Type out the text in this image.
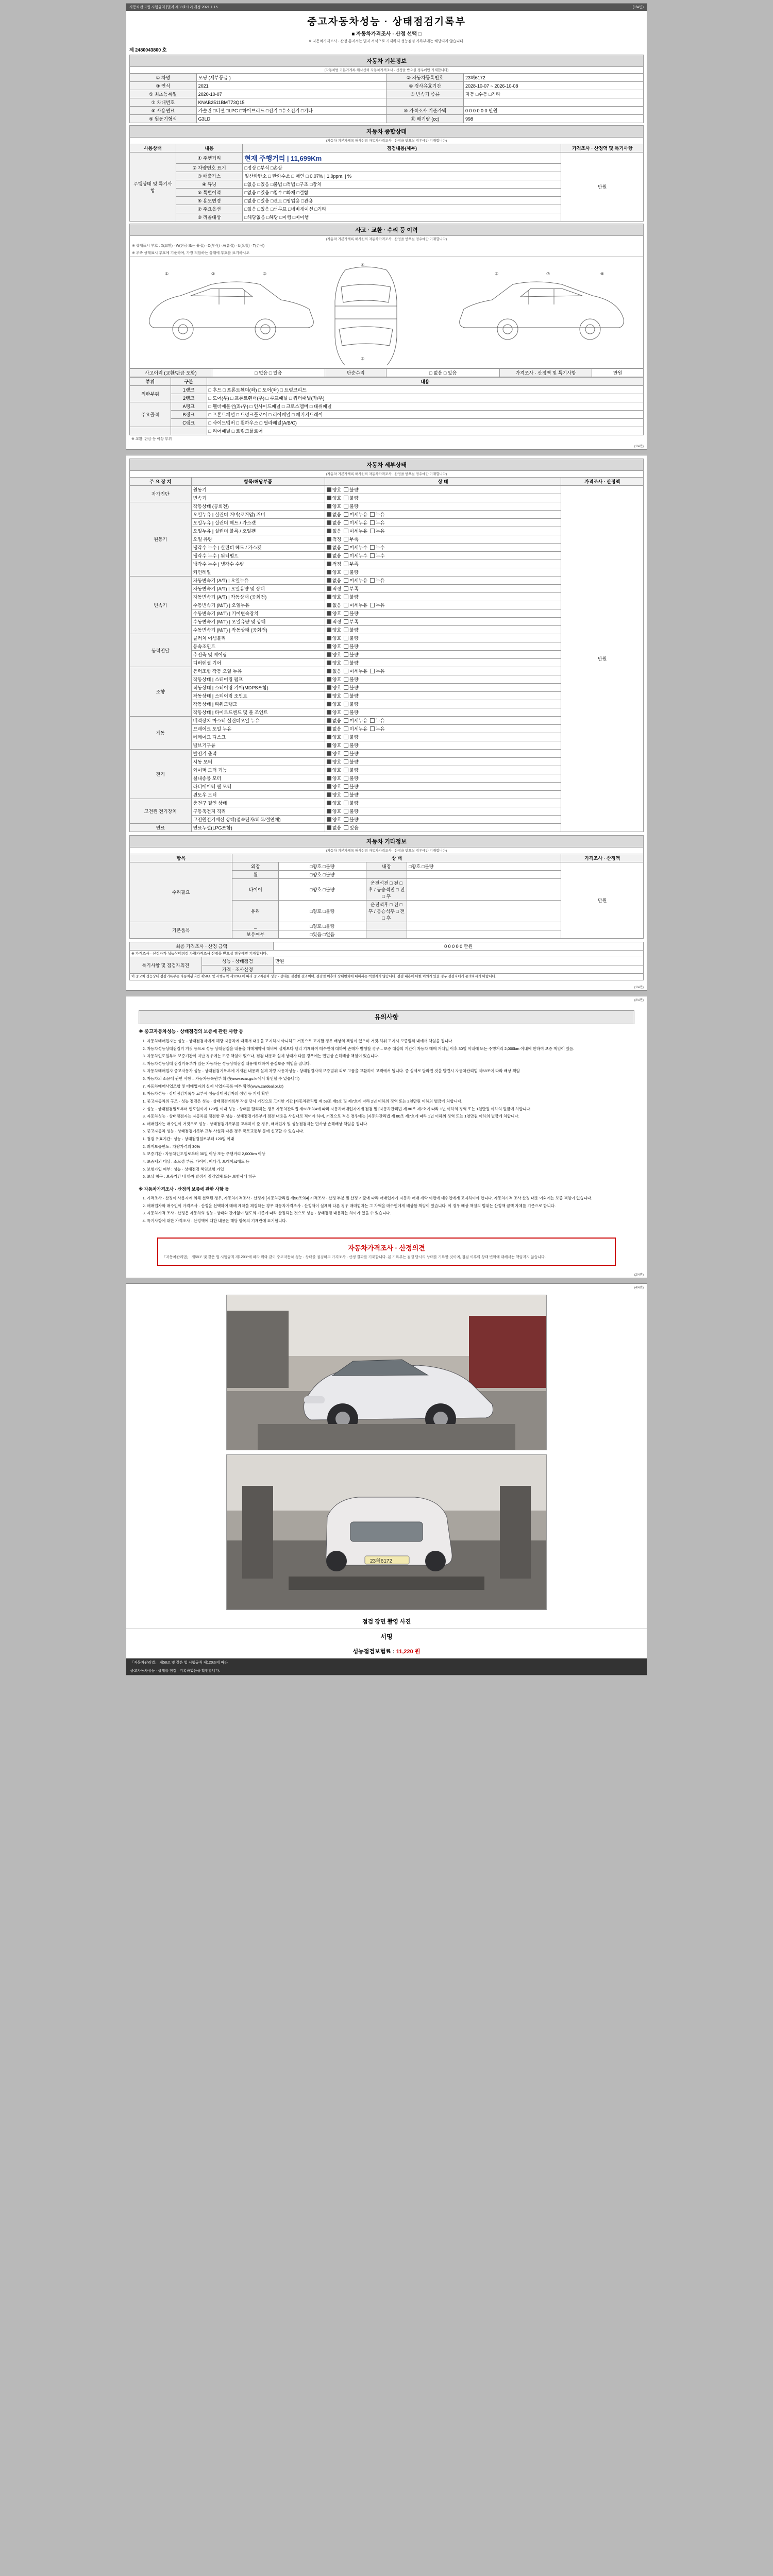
자동차관리법 시행규칙 [별지 제39호의2] 개정 2021.1.15.	(1/4면)
중고자동차성능 · 상태점검기록부
■ 자동차가격조사 · 산정 선택 □
※ 자동차가격조사 · 산정 통지서는 별지 서식으로 기재하되 성능점검 기록부에는 해당되지 않습니다.
제 2480043800 호
자동차 기본정보
(자동차법 기본가게록 해사신뢰 자동차가격조사 · 산정을 받으실 경우에만 기재합니다)
① 차명	모닝 (세부등급 )	② 자동차등록번호	23허6172
③ 연식	2021	④ 검사유효기간	2028-10-07 ~ 2026-10-08
⑤ 최초등록일	2020-10-07	⑥ 변속기 종류	자동 □수동 □기타
⑦ 차대번호	KNAB2511BMT73Q15		
⑧ 사용연료	가솔린 □디젤 □LPG □하이브리드 □전기 □수소전기 □기타	⑩ 가격조사 기준가액	0 0 0 0 0 0 만원
⑨ 원동기형식	G3LD	⑪ 배기량 (cc)	998
자동차 종합상태
(자동차 기본가게록 해사신뢰 자동차가격조사 · 산정을 받으실 경우에만 기재합니다)
사용상태	내용	점검내용(세부)	가격조사 · 산정액 및 특기사항
주행상태 및 특기사항	① 주행거리	현재 주행거리 | 11,699Km	만원
	② 차량번호 표기	□정상 □부식 □손상	
	③ 배출가스	일산화탄소 □ 탄화수소 □ 매연 □ 0.07% | 1.0ppm. | %	
	④ 튜닝	□없음 □있음 □불법 □적법 □구조 □장치	
	⑤ 특별이력	□없음 □있음 □침수 □화재 □결함	
	⑥ 용도변경	□없음 □있음 □렌트 □영업용 □관용	
	⑦ 주요옵션	□없음 □있음 □선루프 □네비게이션 □기타	
	⑧ 리콜대상	□해당없음 □해당 □이행 □미이행	
사고 · 교환 · 수리 등 이력
(자동차 기본가게록 해사신뢰 자동차가격조사 · 산정을 받으실 경우에만 기재합니다)
※ 상태표시 부호 : X(교환) · W(판금 또는 용접) · C(부식) · A(흠집) · U(요철) · T(손상)
※ 우측 상태표시 부호에 기준하여, 가장 적합하는 상태에 부호를 표기하시오
①	②	③
④
⑤
⑥	⑦	⑧
사고이력 (교환/판금 포함)	□ 없음 □ 있음	단순수리	□ 없음 □ 있음	가격조사 · 산정액 및 특기사항	만원
부위	구분	내용
외판부위	1랭크	□ 후드 □ 프론트휀더(좌) □ 도어(좌) □ 트렁크리드
	2랭크	□ 도어(우) □ 프론트휀더(우) □ 루프패널 □ 쿼터패널(좌/우)
주요골격	A랭크	□ 휀더에볼션(좌/우) □ 인사이드패널 □ 크로스멤버 □ 대쉬패널
	B랭크	□ 프론트패널 □ 트렁크플로어 □ 리어패널 □ 패키지트레이
	C랭크	□ 사이드멤버 □ 휠하우스 □ 필라패널(A/B/C)
		□ 리어패널 □ 트렁크플로어
※ 교환, 판금 등 이상 부위
(1/4면)
자동차 세부상태
(자동차 기본가게록 해사신뢰 자동차가격조사 · 산정을 받으실 경우에만 기재합니다)
주 요 장 치	항목/해당부품	상 태	가격조사 · 산정액
자가진단	원동기	양호 불량	만원
	변속기	양호 불량	
원동기	작동상태 (공회전)	양호 불량	
	오일누유 | 실린더 커버(로커암) 커버	없음 미세누유 누유	
	오일누유 | 실린더 헤드 / 가스켓	없음 미세누유 누유	
	오일누유 | 실린더 블록 / 오일팬	없음 미세누유 누유	
	오일 유량	적정 부족	
	냉각수 누수 | 실린더 헤드 / 가스켓	없음 미세누수 누수	
	냉각수 누수 | 워터펌프	없음 미세누수 누수	
	냉각수 누수 | 냉각수 수량	적정 부족	
	커먼레일	양호 불량	
변속기	자동변속기 (A/T) | 오일누유	없음 미세누유 누유	
	자동변속기 (A/T) | 오일유량 및 상태	적정 부족	
	자동변속기 (A/T) | 작동상태 (공회전)	양호 불량	
	수동변속기 (M/T) | 오일누유	없음 미세누유 누유	
	수동변속기 (M/T) | 기어변속장치	양호 불량	
	수동변속기 (M/T) | 오일유량 및 상태	적정 부족	
	수동변속기 (M/T) | 작동상태 (공회전)	양호 불량	
동력전달	클러치 어셈블리	양호 불량	
	등속조인트	양호 불량	
	추진축 및 베어링	양호 불량	
	디퍼렌셜 기어	양호 불량	
조향	동력조향 작동 오일 누유	없음 미세누유 누유	
	작동상태 | 스티어링 펌프	양호 불량	
	작동상태 | 스티어링 기어(MDPS포함)	양호 불량	
	작동상태 | 스티어링 조인트	양호 불량	
	작동상태 | 파워크랭크	양호 불량	
	작동상태 | 타이로드엔드 및 볼 조인트	양호 불량	
제동	배력장치 마스터 실린더오일 누유	없음 미세누유 누유	
	브레이크 오일 누유	없음 미세누유 누유	
	베레이크 디스크	양호 불량	
	밸브기구류	양호 불량	
전기	발전기 출력	양호 불량	
	시동 모터	양호 불량	
	와이퍼 모터 기능	양호 불량	
	실내송풍 모터	양호 불량	
	라디에이터 팬 모터	양호 불량	
	윈도우 모터	양호 불량	
고전원 전기장치	충전구 절연 상태	양호 불량	
	구동축전지 격리	양호 불량	
	고전원전기배선 상태(접속단자/피복/절연체)	양호 불량	
연료	연료누설(LPG포함)	없음 있음	
자동차 기타정보
(자동차 기본가게록 해사신뢰 자동차가격조사 · 산정을 받으실 경우에만 기재합니다)
항목	상 태				가격조사 · 산정액
수리필요	외장	□양호 □불량	내장	□양호 □불량	만원
	휠	□양호 □불량			
	타이어	□양호 □불량	운전석전 □ 전 □ 후 / 동승석전 □ 전 □ 후		
	유리	□양호 □불량	운전석후 □ 전 □ 후 / 동승석후 □ 전 □ 후		
기본품목	_	□양호 □불량			
	보유여부	□있음 □없음			
최종 가격조사 · 산정 금액		0 0 0 0 0 만원
※ 가격조사 · 산정자가 성능상태점검 차량가격조사 산정을 받으실 경우에만 기재합니다.		
특기사항 및 점검자의견	성능 · 상태점검	만원
	가격 · 조사산정	
이 중고차 성능상태 점검기록부는 자동차관리법 제58조 및 시행규칙 제120조에 따라 중고자동차 성능 · 상태를 점검한 결과이며, 점검일 이후의 상태변화에 대해서는 책임지지 않습니다. 점검 내용에 대한 이의가 있을 경우 점검자에게 문의하시기 바랍니다.		
(1/4면)
(2/4면)
유의사항
※ 중고자동차성능 · 상태점검의 보증에 관한 사항 등
1. 자동차매매업자는 성능 · 상태점검자에게 해당 자동차에 대해서 내용을 고지하지 아니하고 거짓으로 고지할 경우 배상의 책임이 있으며 거짓·허위 고지시 보증범위 내에서 책임을 집니다.
2. 자동차성능상태점검기 거짓 등으로 성능 상태점검을 내용을 매매계약서 대비에 실제보다 달리 기재하여 매수인에 대하여 손해가 발생할 경우 – 보증 대상의 기간이 자동차 매매 거래일 이후 30일 이내에 또는 주행거리 2,000km 이내에 한하여 보증 책임이 있음.
3. 자동차인도일부터 보증기간이 지난 경우에는 보증 책임이 없으나, 점검 내용과 실제 상태가 다를 경우에는 민법상 손해배상 책임이 있습니다.
4. 자동차성능상태 점검기록부가 있는 자동차는 성능상태점검 내용에 대하여 품질보증 책임을 집니다.
5. 자동차매매업자 중고자동차 성능 · 상태점검기록부에 기재된 내용과 실제 차량 자동차성능 · 상태점검자의 보증범위 외로 고품을 교환하여 고객에서 됩니다. 중 실제로 달라진 것을 발견시 자동차관리법 제58조에 따라 배상 책임
6. 자동차의 소유에 관한 사항 – 자동차등록원부 확인(www.ecar.go.kr에서 확인할 수 있습니다)
7. 자동차매매사업조합 및 매매업자의 실제 사업자등록 여부 확인(www.cardeal.or.kr)
8. 자동차성능 · 상태점검기록부 교부시 성능상태점검자의 성명 등 기재 확인
1. 중고자동차의 구조 · 성능 점검은 성능 · 상태점검기록부 작성 당시 거짓으로 고지한 기간 [자동차관리법 제 58조 제5호 및 제7호에 따라 2년 이하의 징역 또는 2천만원 이하의 벌금에 처합니다.
2. 성능 · 상태점검일로부터 인도일까지 120일 이내 성능 · 상태를 달리하는 경우 자동차관리법 제58조의4에 따라 자동차매매업자에게 점검 및 [자동차관리법 제 80조 제7호에 따라 1년 이하의 징역 또는 1천만원 이하의 벌금에 처합니다.
3. 자동차성능 · 상태점검자는 자동차를 점검한 후 성능 · 상태점검기록부에 점검 내용을 사실대로 적어야 하며, 거짓으로 적은 경우에는 [자동차관리법 제 80조 제7호에 따라 1년 이하의 징역 또는 1천만원 이하의 벌금에 처합니다.
4. 매매업자는 매수인이 거짓으로 성능 · 상태점검기록부를 교부하여 준 경우, 매매업자 및 성능점검자는 민사상 손해배상 책임을 집니다.
5. 중고자동차 성능 · 상태점검기록부 교부 사실과 다른 경우 국토교통부 등에 신고할 수 있습니다.
1. 점검 유효기간 : 성능 · 상태점검일로부터 120일 이내
2. 최저보증한도 : 차량가격의 30%
3. 보증기간 : 자동차인도일로부터 30일 이상 또는 주행거리 2,000km 이상
4. 보증제외 대상 : 소모성 부품, 타이어, 배터리, 브레이크패드 등
5. 보험가입 여부 : 성능 · 상태점검 책임보험 가입
6. 보상 청구 : 보증기간 내 하자 발생시 점검업체 또는 보험사에 청구
※ 자동차가격조사 · 산정의 보증에 관한 사항 등
1. 가격조사 · 산정이 사용자에 의해 선택된 경우, 자동차가격조사 · 산정자 [자동차관리법 제58조의4] 가격조사 · 산정 부분 및 산정 기준에 따라 매매업자가 자동차 매매 계약 이전에 매수인에게 고지하여야 합니다. 자동차가격 조사 산정 내용 이외에는 보증 책임이 없습니다.
2. 매매업자와 매수인이 가격조사 · 산정을 선택하여 매매 계약을 체결하는 경우 자동차가격조사 · 산정액이 실제와 다른 경우 매매업자는 그 차액을 매수인에게 배상할 책임이 있습니다. 이 경우 배상 책임의 범위는 산정액 금액 자체를 기준으로 합니다.
3. 자동차가격 조사 · 산정은 자동차의 성능 · 상태와 관계없이 별도의 기준에 따라 산정되는 것으로 성능 · 상태점검 내용과는 차이가 있을 수 있습니다.
4. 특기사항에 대한 가격조사 · 산정액에 대한 내용은 해당 항목의 기재란에 표기합니다.
자동차가격조사 · 산정의견
「자동차관리법」 제58조 및 같은 법 시행규칙 제120조에 따라 위와 같이 중고자동차 성능 · 상태를 점검하고 가격조사 · 산정 결과를 기재합니다. 본 기록부는 점검 당시의 상태를 기록한 것이며, 점검 이후의 상태 변화에 대해서는 책임지지 않습니다.
(2/4면)
(4/4면)
23허6172
점검 장면 촬영 사진
서명
성능점검보험료 : 11,220 원
「자동차관리법」 제58조 및 같은 법 시행규칙 제120조에 따라
중고자동차성능 · 상태를 점검 · 기록하였음을 확인합니다.
